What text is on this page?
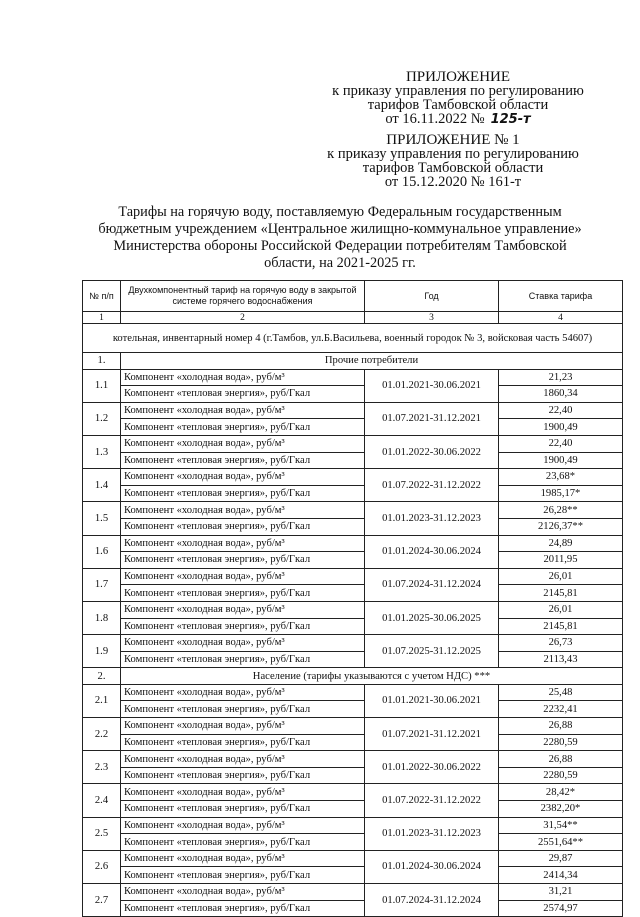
ПРИЛОЖЕНИЕ
к приказу управления по регулированию
тарифов Тамбовской области
от 16.11.2022 № 125-т
ПРИЛОЖЕНИЕ № 1
к приказу управления по регулированию
тарифов Тамбовской области
от 15.12.2020 № 161-т
Тарифы на горячую воду, поставляемую Федеральным государственным бюджетным учреждением «Центральное жилищно-коммунальное управление» Министерства обороны Российской Федерации потребителям Тамбовской области, на 2021-2025 гг.
№ п/п	Двухкомпонентный тариф на горячую воду в закрытой системе горячего водоснабжения	Год	Ставка тарифа
1	2	3	4
котельная, инвентарный номер 4 (г.Тамбов, ул.Б.Васильева, военный городок № 3, войсковая часть 54607)			
1.	Прочие потребители		
1.1	Компонент «холодная вода», руб/м³	01.01.2021-30.06.2021	21,23
	Компонент «тепловая энергия», руб/Гкал		1860,34
1.2	Компонент «холодная вода», руб/м³	01.07.2021-31.12.2021	22,40
	Компонент «тепловая энергия», руб/Гкал		1900,49
1.3	Компонент «холодная вода», руб/м³	01.01.2022-30.06.2022	22,40
	Компонент «тепловая энергия», руб/Гкал		1900,49
1.4	Компонент «холодная вода», руб/м³	01.07.2022-31.12.2022	23,68*
	Компонент «тепловая энергия», руб/Гкал		1985,17*
1.5	Компонент «холодная вода», руб/м³	01.01.2023-31.12.2023	26,28**
	Компонент «тепловая энергия», руб/Гкал		2126,37**
1.6	Компонент «холодная вода», руб/м³	01.01.2024-30.06.2024	24,89
	Компонент «тепловая энергия», руб/Гкал		2011,95
1.7	Компонент «холодная вода», руб/м³	01.07.2024-31.12.2024	26,01
	Компонент «тепловая энергия», руб/Гкал		2145,81
1.8	Компонент «холодная вода», руб/м³	01.01.2025-30.06.2025	26,01
	Компонент «тепловая энергия», руб/Гкал		2145,81
1.9	Компонент «холодная вода», руб/м³	01.07.2025-31.12.2025	26,73
	Компонент «тепловая энергия», руб/Гкал		2113,43
2.	Население (тарифы указываются с учетом НДС) ***		
2.1	Компонент «холодная вода», руб/м³	01.01.2021-30.06.2021	25,48
	Компонент «тепловая энергия», руб/Гкал		2232,41
2.2	Компонент «холодная вода», руб/м³	01.07.2021-31.12.2021	26,88
	Компонент «тепловая энергия», руб/Гкал		2280,59
2.3	Компонент «холодная вода», руб/м³	01.01.2022-30.06.2022	26,88
	Компонент «тепловая энергия», руб/Гкал		2280,59
2.4	Компонент «холодная вода», руб/м³	01.07.2022-31.12.2022	28,42*
	Компонент «тепловая энергия», руб/Гкал		2382,20*
2.5	Компонент «холодная вода», руб/м³	01.01.2023-31.12.2023	31,54**
	Компонент «тепловая энергия», руб/Гкал		2551,64**
2.6	Компонент «холодная вода», руб/м³	01.01.2024-30.06.2024	29,87
	Компонент «тепловая энергия», руб/Гкал		2414,34
2.7	Компонент «холодная вода», руб/м³	01.07.2024-31.12.2024	31,21
	Компонент «тепловая энергия», руб/Гкал		2574,97
